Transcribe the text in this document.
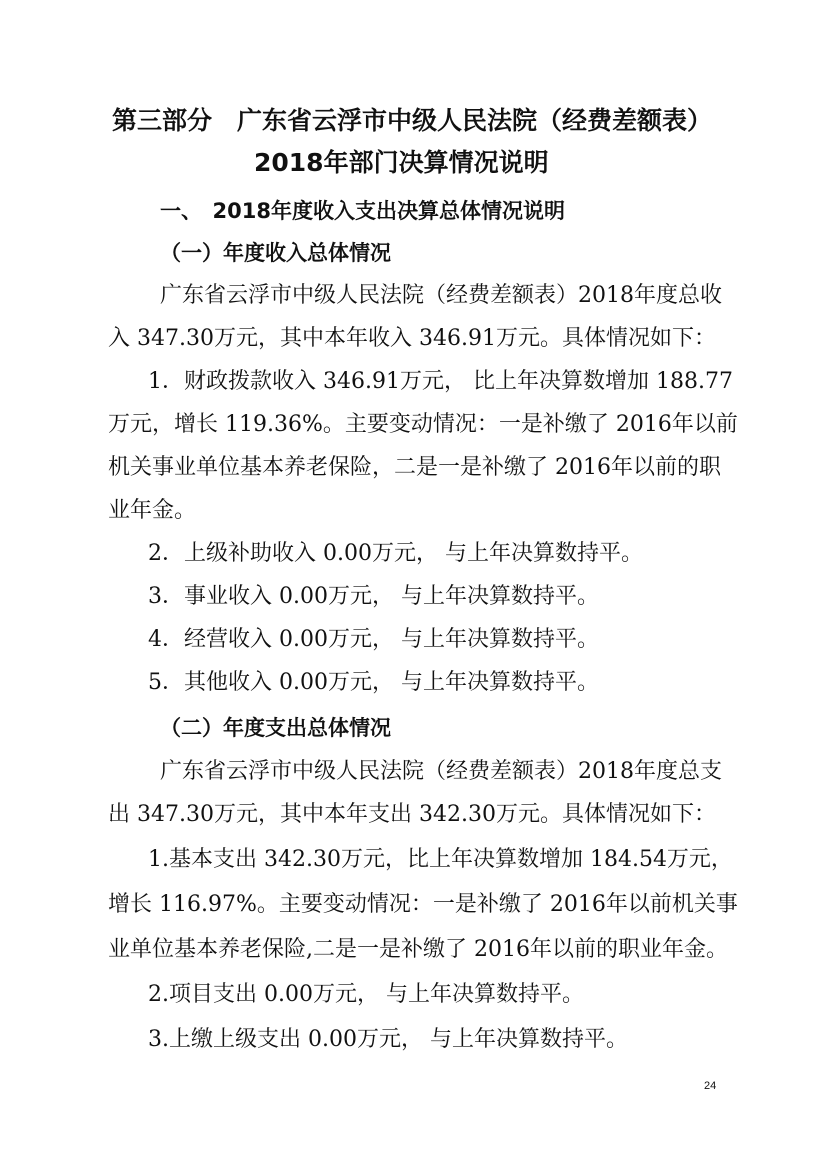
第三部分　广东省云浮市中级人民法院（经费差额表）
2018年部门决算情况说明
一、　2018年度收入支出决算总体情况说明
（一）年度收入总体情况
广东省云浮市中级人民法院（经费差额表）2018年度总收
入 347.30万元，其中本年收入 346.91万元。具体情况如下：
1．财政拨款收入 346.91万元， 比上年决算数增加 188.77
万元，增长 119.36%。主要变动情况：一是补缴了 2016年以前
机关事业单位基本养老保险，二是一是补缴了 2016年以前的职
业年金。
2．上级补助收入 0.00万元， 与上年决算数持平。
3．事业收入 0.00万元， 与上年决算数持平。
4．经营收入 0.00万元， 与上年决算数持平。
5．其他收入 0.00万元， 与上年决算数持平。
（二）年度支出总体情况
广东省云浮市中级人民法院（经费差额表）2018年度总支
出 347.30万元，其中本年支出 342.30万元。具体情况如下：
1.基本支出 342.30万元，比上年决算数增加 184.54万元，
增长 116.97%。主要变动情况：一是补缴了 2016年以前机关事
业单位基本养老保险,二是一是补缴了 2016年以前的职业年金。
2.项目支出 0.00万元， 与上年决算数持平。
3.上缴上级支出 0.00万元， 与上年决算数持平。
24
